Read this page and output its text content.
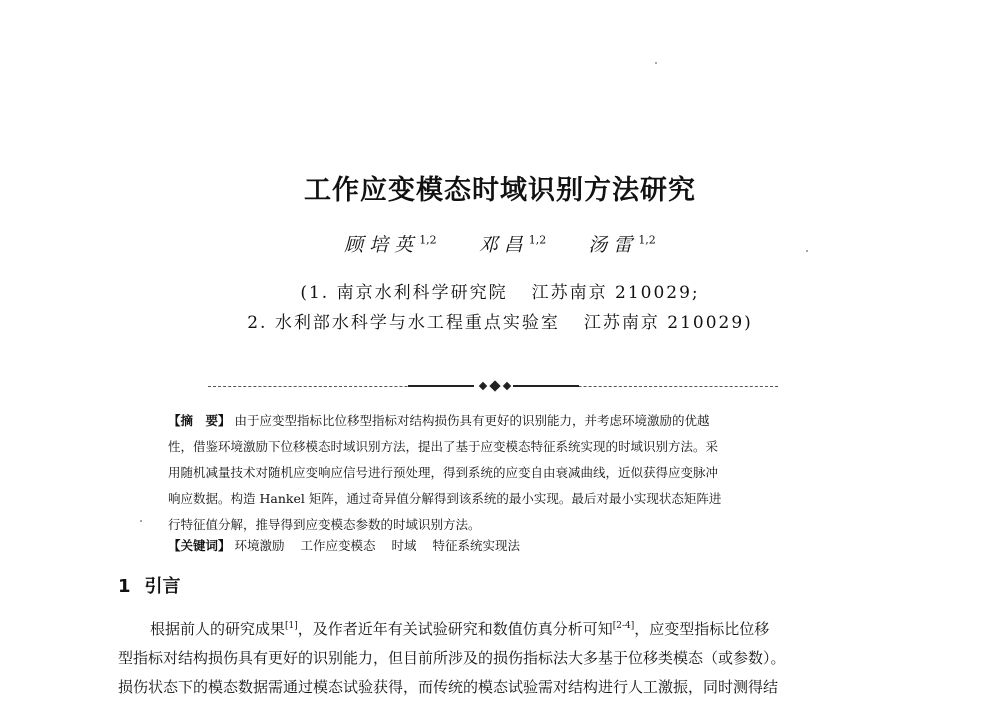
工作应变模态时域识别方法研究
顾培英$^{1,2}$ 邓昌$^{1,2}$ 汤雷$^{1,2}$
(1. 南京水利科学研究院 江苏南京 210029;
2. 水利部水科学与水工程重点实验室 江苏南京 210029)
【摘　要】 由于应变型指标比位移型指标对结构损伤具有更好的识别能力，并考虑环境激励的优越
性，借鉴环境激励下位移模态时域识别方法，提出了基于应变模态特征系统实现的时域识别方法。采
用随机减量技术对随机应变响应信号进行预处理，得到系统的应变自由衰减曲线，近似获得应变脉冲
响应数据。构造 Hankel 矩阵，通过奇异值分解得到该系统的最小实现。最后对最小实现状态矩阵进
行特征值分解，推导得到应变模态参数的时域识别方法。
【关键词】 环境激励 工作应变模态 时域 特征系统实现法
1 引言
根据前人的研究成果[1]，及作者近年有关试验研究和数值仿真分析可知[2-4]，应变型指标比位移
型指标对结构损伤具有更好的识别能力，但目前所涉及的损伤指标法大多基于位移类模态（或参数）。
损伤状态下的模态数据需通过模态试验获得，而传统的模态试验需对结构进行人工激振，同时测得结
